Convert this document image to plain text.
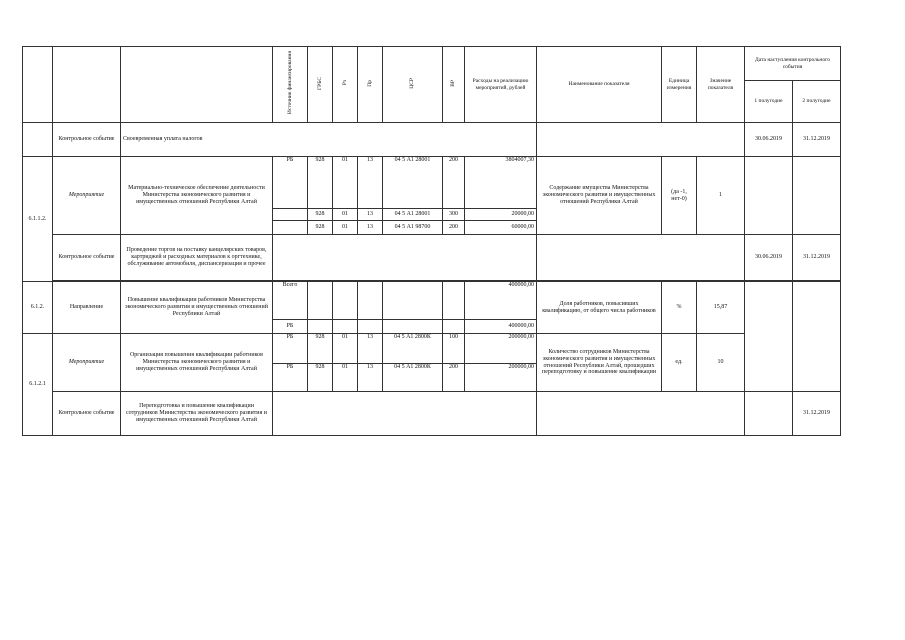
			Источник финансирования	ГРБС	Рз	Пр	ЦСР	ВР	Расходы на реализацию мероприятий, рублей	Наименование показателя	Единица измерения	Значение показателя	Дата наступления контрольного события	
													1 полугодие	2 полугодие
	Контрольное событие	Своевременная уплата налогов											30.06.2019	31.12.2019
6.1.1.2.	Мероприятие	Материально-техническое обеспечение деятельности Министерства экономического развития и имущественных отношений Республики Алтай	РБ	928	01	13	04 5 А1 28001	200	3804007,30	Содержание имущества Министерства экономического развития и имущественных отношений Республики Алтай	(да -1, нет-0)	1		
				928	01	13	04 5 А1 28001	300	20000,00					
				928	01	13	04 5 А1 98700	200	60000,00					
	Контрольное событие	Проведение торгов на поставку канцелярских товаров, картриджей и расходных материалов к оргтехнике, обслуживание автомобиля, диспансеризация и прочее											30.06.2019	31.12.2019

6.1.2.	Направление	Повышение квалификации работников Министерства экономического развития и имущественных отношений Республики Алтай	Всего						400000,00	Доля работников, повысивших квалификацию, от общего числа работников	%	15,87		
			РБ						400000,00					
6.1.2.1	Мероприятие	Организация повышения квалификации работников Министерства экономического развития и имущественных отношений Республики Алтай	РБ	928	01	13	04 5 А1 2800К	100	200000,00	Количество сотрудников Министерства экономического развития и имущественных отношений Республики Алтай, прошедших переподготовку и повышение квалификации	ед.	10		
			РБ	928	01	13	04 5 А1 2800К	200	200000,00					
	Контрольное событие	Переподготовка и повышение квалификации сотрудников Министерства экономического развития и имущественных отношений Республики Алтай												31.12.2019
